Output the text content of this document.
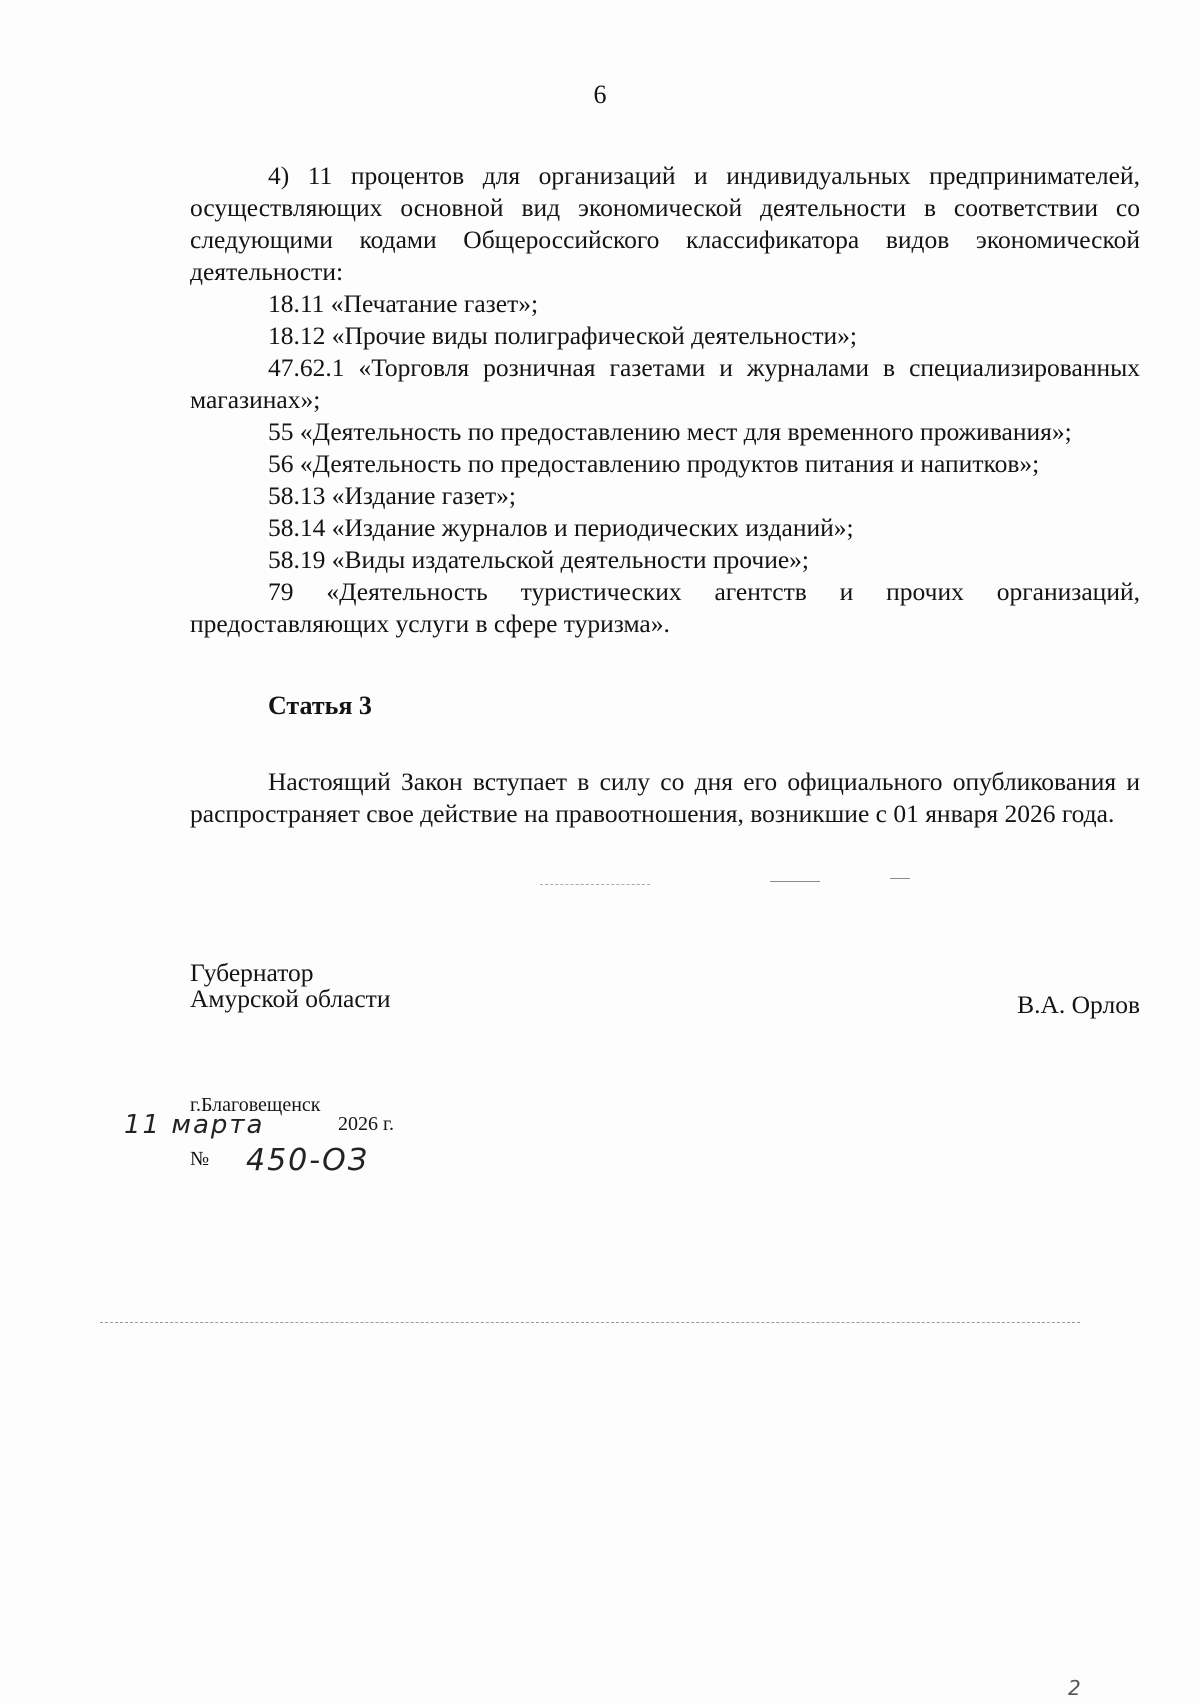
6

4) 11 процентов для организаций и индивидуальных предпринимателей, осуществляющих основной вид экономической деятельности в соответствии со следующими кодами Общероссийского классификатора видов экономической деятельности:

18.11 «Печатание газет»;

18.12 «Прочие виды полиграфической деятельности»;

47.62.1 «Торговля розничная газетами и журналами в специализированных магазинах»;

55 «Деятельность по предоставлению мест для временного проживания»;

56 «Деятельность по предоставлению продуктов питания и напитков»;

58.13 «Издание газет»;

58.14 «Издание журналов и периодических изданий»;

58.19 «Виды издательской деятельности прочие»;

79 «Деятельность туристических агентств и прочих организаций, предоставляющих услуги в сфере туризма».

Статья 3

Настоящий Закон вступает в силу со дня его официального опубликования и распространяет свое действие на правоотношения, возникшие с 01 января 2026 года.

Губернатор
Амурской области	В.А. Орлов
г.Благовещенск
11 марта	2026 г.
№ 450-ОЗ
2
